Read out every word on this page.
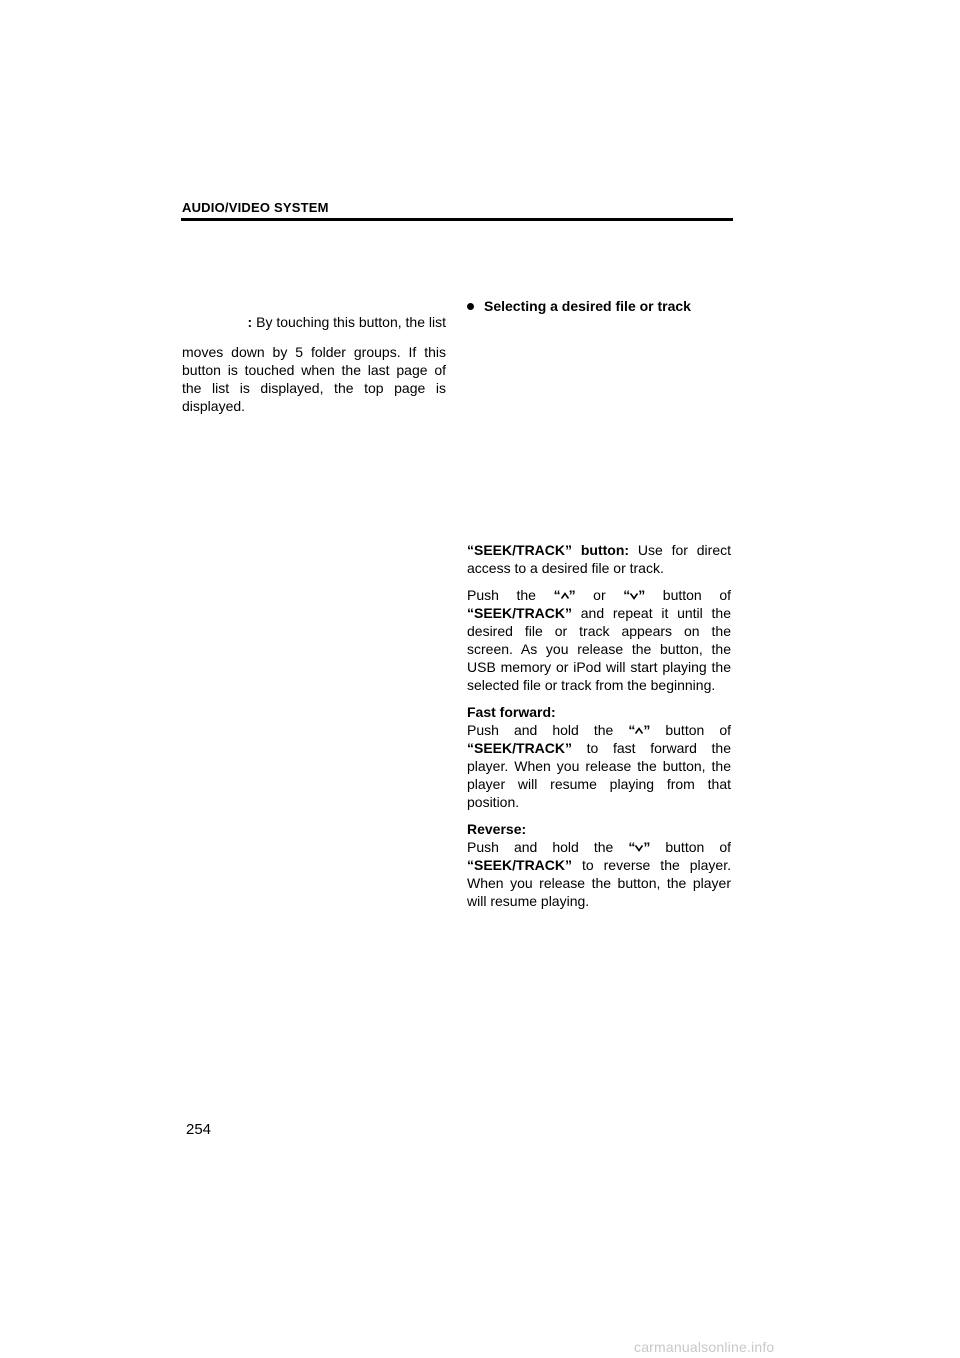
AUDIO/VIDEO SYSTEM

: By touching this button, the list

moves down by 5 folder groups. If this button is touched when the last page of the list is displayed, the top page is displayed.

Selecting a desired file or track

“SEEK/TRACK” button: Use for direct access to a desired file or track.

Push the “ ” or “ ” button of “SEEK/TRACK” and repeat it until the desired file or track appears on the screen. As you release the button, the USB memory or iPod will start playing the selected file or track from the beginning.

Fast forward:
Push and hold the “ ” button of “SEEK/TRACK” to fast forward the player. When you release the button, the player will resume playing from that position.

Reverse:
Push and hold the “ ” button of “SEEK/TRACK” to reverse the player. When you release the button, the player will resume playing.

254
carmanualsonline.info
